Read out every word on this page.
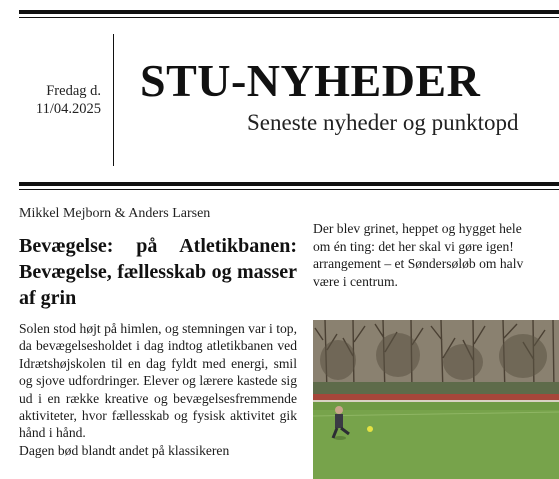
Fredag d.
11/04.2025
STU-NYHEDER
Seneste nyheder og punktopd
Mikkel Mejborn & Anders Larsen
Bevægelse: på Atletikbanen: Bevægelse, fællesskab og masser af grin

Solen stod højt på himlen, og stemningen var i top, da bevægelsesholdet i dag indtog atletikbanen ved Idrætshøjskolen til en dag fyldt med energi, smil og sjove udfordringer. Elever og lærere kastede sig ud i en række kreative og bevægelsesfremmende aktiviteter, hvor fællesskab og fysisk aktivitet gik hånd i hånd.

Dagen bød blandt andet på klassikeren

Der blev grinet, heppet og hygget hele
om én ting: det her skal vi gøre igen!
arrangement – et Søndersøløb om halv
være i centrum.
